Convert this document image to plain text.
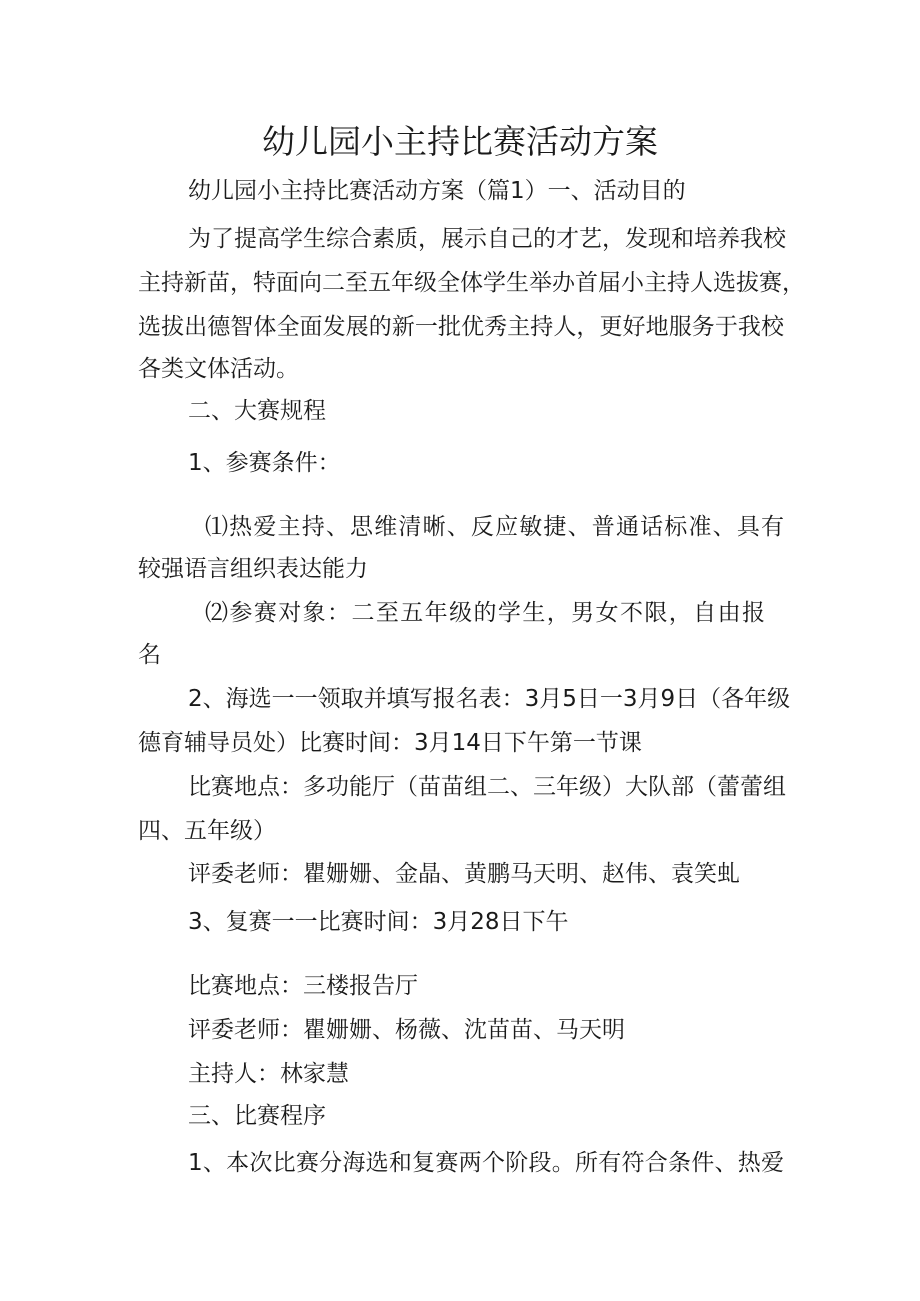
幼儿园小主持比赛活动方案

幼儿园小主持比赛活动方案（篇1）一、活动目的

为了提高学生综合素质，展示自己的才艺，发现和培养我校

主持新苗，特面向二至五年级全体学生举办首届小主持人选拔赛，

选拔出德智体全面发展的新一批优秀主持人，更好地服务于我校

各类文体活动。

二、大赛规程

1、参赛条件：

⑴热爱主持、思维清晰、反应敏捷、普通话标准、具有

较强语言组织表达能力

⑵参赛对象：二至五年级的学生，男女不限，自由报

名

2、海选一一领取并填写报名表：3月5日一3月9日（各年级

德育辅导员处）比赛时间：3月14日下午第一节课

比赛地点：多功能厅（苗苗组二、三年级）大队部（蕾蕾组

四、五年级）

评委老师：瞿姗姗、金晶、黄鹏马天明、赵伟、袁笑虬

3、复赛一一比赛时间：3月28日下午

比赛地点：三楼报告厅

评委老师：瞿姗姗、杨薇、沈苗苗、马天明

主持人：林家慧

三、比赛程序

1、本次比赛分海选和复赛两个阶段。所有符合条件、热爱
